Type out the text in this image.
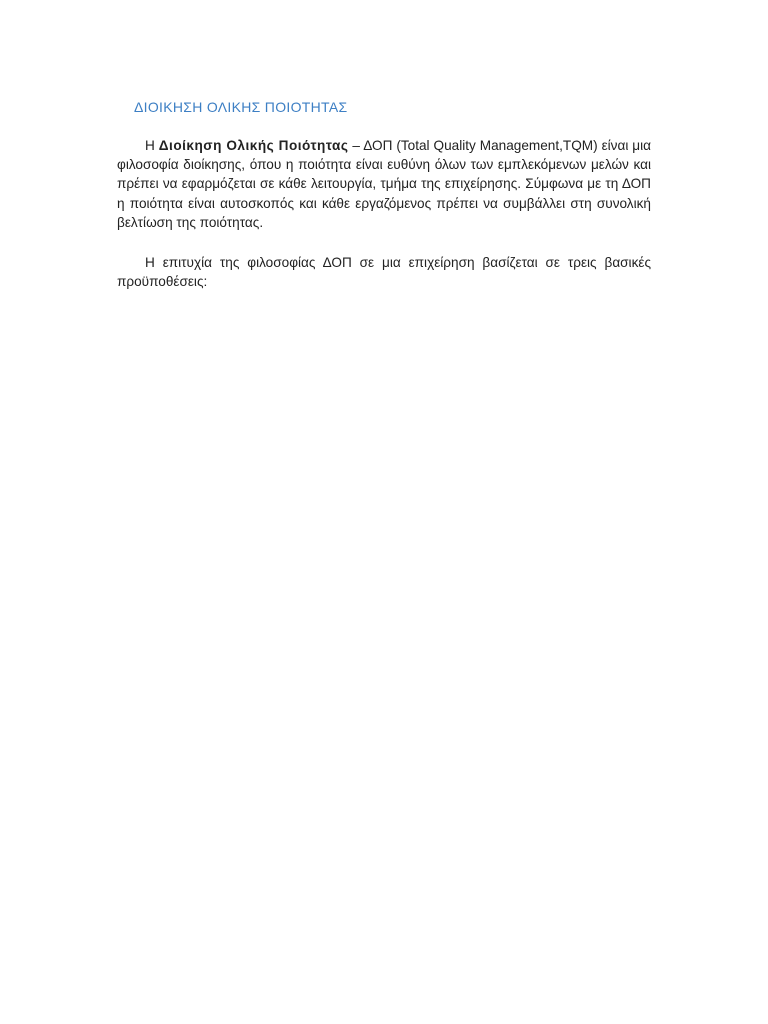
ΔΙΟΙΚΗΣΗ ΟΛΙΚΗΣ ΠΟΙΟΤΗΤΑΣ

Η Διοίκηση Ολικής Ποιότητας – ΔΟΠ (Total Quality Management,TQM) είναι μια φιλοσοφία διοίκησης, όπου η ποιότητα είναι ευθύνη όλων των εμπλεκόμενων μελών και πρέπει να εφαρμόζεται σε κάθε λειτουργία, τμήμα της επιχείρησης. Σύμφωνα με τη ΔΟΠ η ποιότητα είναι αυτοσκοπός και κάθε εργαζόμενος πρέπει να συμβάλλει στη συνολική βελτίωση της ποιότητας.

Η επιτυχία της φιλοσοφίας ΔΟΠ σε μια επιχείρηση βασίζεται σε τρεις βασικές προϋποθέσεις:
